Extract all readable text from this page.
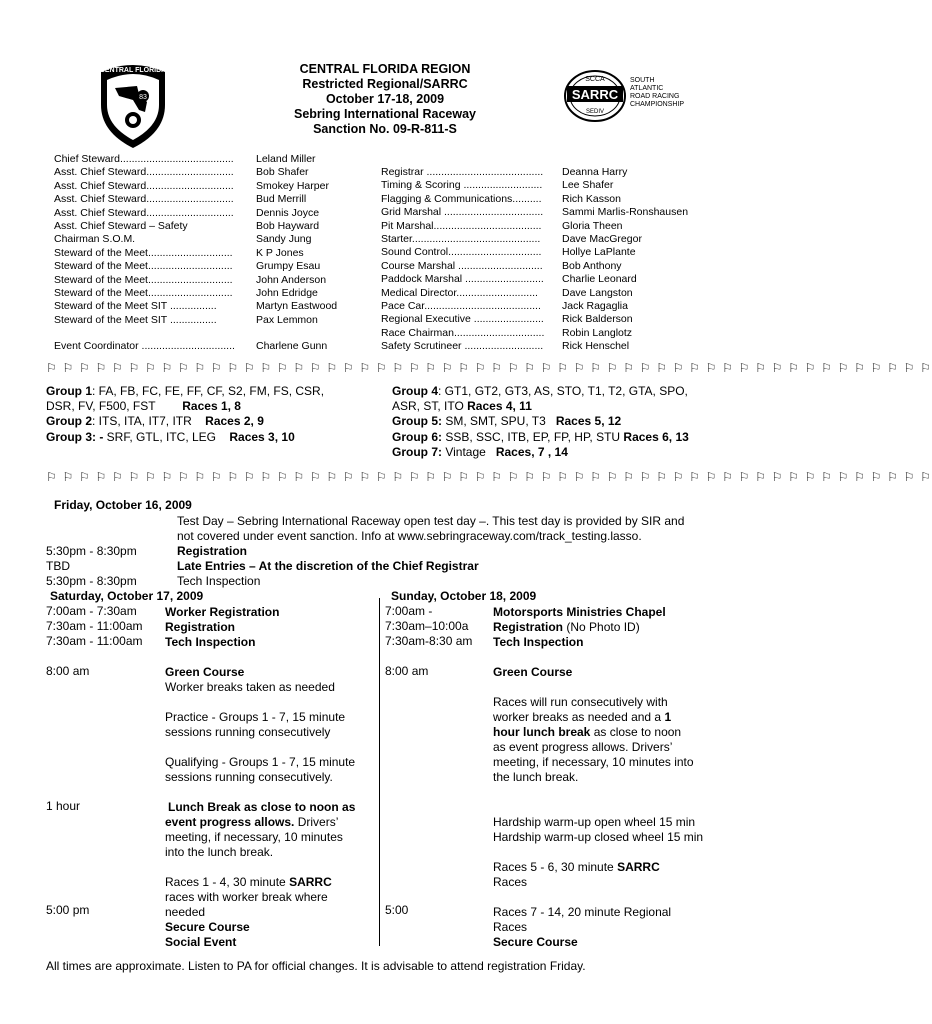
CENTRAL FLORIDA
83
SCCA
SARRC
SEDIV
SOUTH
ATLANTIC
ROAD RACING
CHAMPIONSHIP
CENTRAL FLORIDA REGION
Restricted Regional/SARRC
October 17-18, 2009
Sebring International Raceway
Sanction No. 09-R-811-S
Chief Steward....................................... Leland Miller
Asst. Chief Steward.............................. Bob Shafer
Asst. Chief Steward.............................. Smokey Harper
Asst. Chief Steward.............................. Bud Merrill
Asst. Chief Steward.............................. Dennis Joyce
Asst. Chief Steward – Safety	Bob Hayward
Chairman S.O.M.	Sandy Jung
Steward of the Meet............................. K P Jones
Steward of the Meet............................. Grumpy Esau
Steward of the Meet............................. John Anderson
Steward of the Meet............................. John Edridge
Steward of the Meet SIT ................	Martyn Eastwood
Steward of the Meet SIT ................	Pax Lemmon
Event Coordinator ................................ Charlene Gunn
Registrar ........................................ Deanna Harry
Timing & Scoring ........................... Lee Shafer
Flagging & Communications.......... Rich Kasson
Grid Marshal .................................. Sammi Marlis-Ronshausen
Pit Marshal..................................... Gloria Theen
Starter............................................ Dave MacGregor
Sound Control................................ Hollye LaPlante
Course Marshal ............................. Bob Anthony
Paddock Marshal ........................... Charlie Leonard
Medical Director............................ Dave Langston
Pace Car........................................ Jack Ragaglia
Regional Executive ........................ Rick Balderson
Race Chairman............................... Robin Langlotz
Safety Scrutineer ........................... Rick Henschel
⚐ ⚐ ⚐ ⚐ ⚐ ⚐ ⚐ ⚐ ⚐ ⚐ ⚐ ⚐ ⚐ ⚐ ⚐ ⚐ ⚐ ⚐ ⚐ ⚐ ⚐ ⚐ ⚐ ⚐ ⚐ ⚐ ⚐ ⚐ ⚐ ⚐ ⚐ ⚐ ⚐ ⚐ ⚐ ⚐ ⚐ ⚐ ⚐ ⚐ ⚐ ⚐ ⚐ ⚐ ⚐ ⚐ ⚐ ⚐ ⚐ ⚐ ⚐ ⚐ ⚐ ⚐
⚐ ⚐ ⚐ ⚐ ⚐ ⚐ ⚐ ⚐ ⚐ ⚐ ⚐ ⚐ ⚐ ⚐ ⚐ ⚐ ⚐ ⚐ ⚐ ⚐ ⚐ ⚐ ⚐ ⚐ ⚐ ⚐ ⚐ ⚐ ⚐ ⚐ ⚐ ⚐ ⚐ ⚐ ⚐ ⚐ ⚐ ⚐ ⚐ ⚐ ⚐ ⚐ ⚐ ⚐ ⚐ ⚐ ⚐ ⚐ ⚐ ⚐ ⚐ ⚐ ⚐ ⚐
Group 1: FA, FB, FC, FE, FF, CF, S2, FM, FS, CSR,
DSR, FV, F500, FST Races 1, 8
Group 2: ITS, ITA, IT7, ITR Races 2, 9
Group 3: - SRF, GTL, ITC, LEG Races 3, 10
Group 4: GT1, GT2, GT3, AS, STO, T1, T2, GTA, SPO,
ASR, ST, ITO Races 4, 11
Group 5: SM, SMT, SPU, T3 Races 5, 12
Group 6: SSB, SSC, ITB, EP, FP, HP, STU Races 6, 13
Group 7: Vintage Races, 7 , 14
Friday, October 16, 2009
Test Day – Sebring International Raceway open test day –. This test day is provided by SIR and
not covered under event sanction. Info at www.sebringraceway.com/track_testing.lasso.
5:30pm - 8:30pm	Registration
TBD	Late Entries – At the discretion of the Chief Registrar
5:30pm - 8:30pm	Tech Inspection
Saturday, October 17, 2009
7:00am - 7:30am Worker Registration
7:30am - 11:00am Registration
7:30am - 11:00am Tech Inspection
8:00 am	Green Course
Worker breaks taken as needed
Practice - Groups 1 - 7, 15 minute
sessions running consecutively
Qualifying - Groups 1 - 7, 15 minute
sessions running consecutively.
1 hour	Lunch Break as close to noon as
event progress allows. Drivers’
meeting, if necessary, 10 minutes
into the lunch break.
Races 1 - 4, 30 minute SARRC
races with worker break where
5:00 pm	needed
Secure Course
Social Event
Sunday, October 18, 2009
7:00am -	Motorsports Ministries Chapel
7:30am–10:00a Registration (No Photo ID)
7:30am-8:30 am Tech Inspection
8:00 am	Green Course
Races will run consecutively with
worker breaks as needed and a 1
hour lunch break as close to noon
as event progress allows. Drivers’
meeting, if necessary, 10 minutes into
the lunch break.
Hardship warm-up open wheel 15 min
Hardship warm-up closed wheel 15 min
Races 5 - 6, 30 minute SARRC
Races
5:00	Races 7 - 14, 20 minute Regional
Races
Secure Course
All times are approximate. Listen to PA for official changes. It is advisable to attend registration Friday.
